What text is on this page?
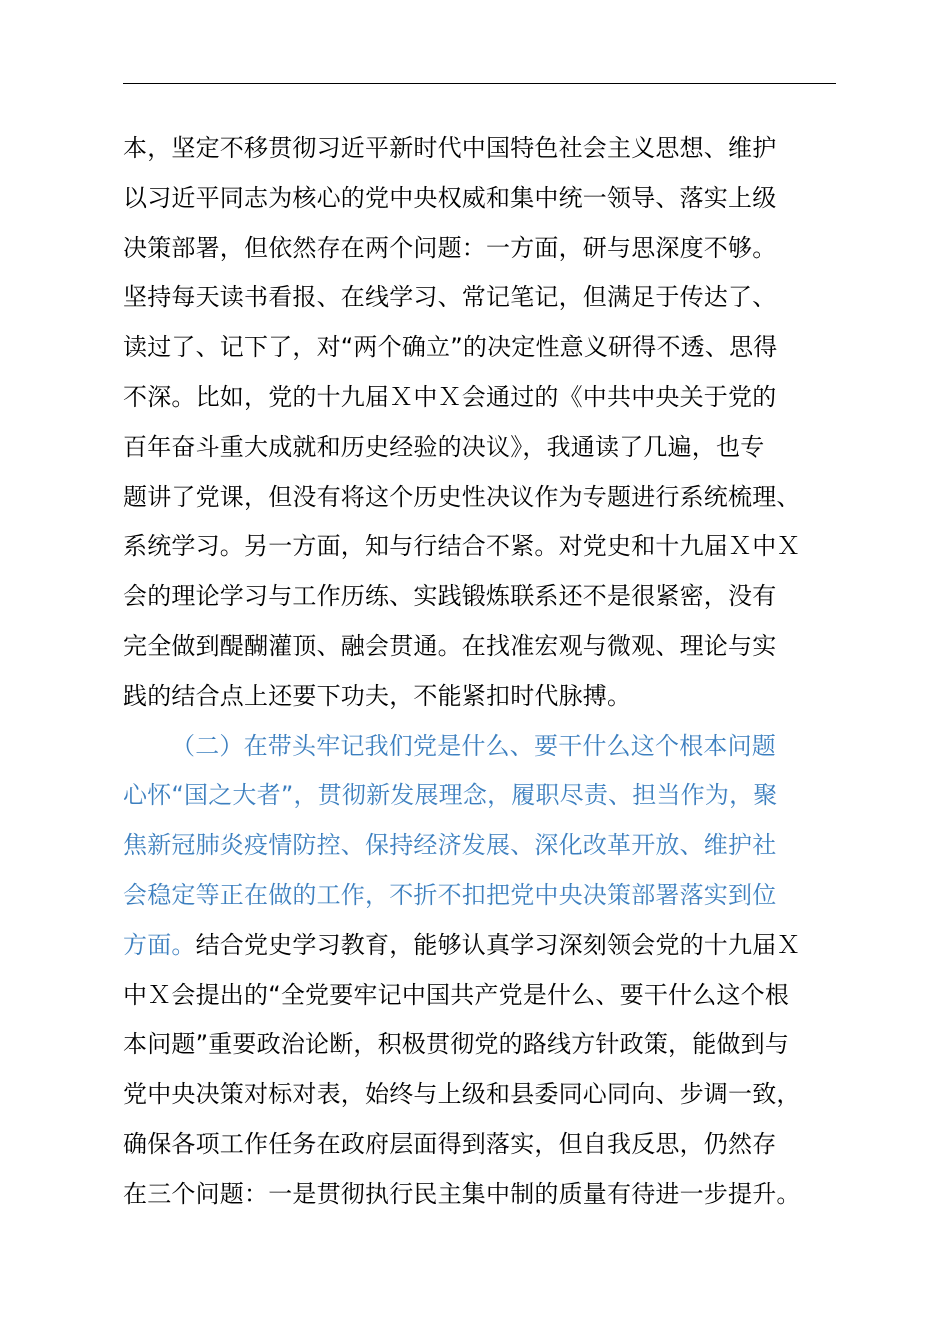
本，坚定不移贯彻习近平新时代中国特色社会主义思想、维护
以习近平同志为核心的党中央权威和集中统一领导、落实上级
决策部署，但依然存在两个问题：一方面，研与思深度不够。
坚持每天读书看报、在线学习、常记笔记，但满足于传达了、
读过了、记下了，对“两个确立”的决定性意义研得不透、思得
不深。比如，党的十九届Ｘ中Ｘ会通过的《中共中央关于党的
百年奋斗重大成就和历史经验的决议》，我通读了几遍，也专
题讲了党课，但没有将这个历史性决议作为专题进行系统梳理、
系统学习。另一方面，知与行结合不紧。对党史和十九届Ｘ中Ｘ
会的理论学习与工作历练、实践锻炼联系还不是很紧密，没有
完全做到醍醐灌顶、融会贯通。在找准宏观与微观、理论与实
践的结合点上还要下功夫，不能紧扣时代脉搏。
（二）在带头牢记我们党是什么、要干什么这个根本问题
心怀“国之大者”，贯彻新发展理念，履职尽责、担当作为，聚
焦新冠肺炎疫情防控、保持经济发展、深化改革开放、维护社
会稳定等正在做的工作，不折不扣把党中央决策部署落实到位
方面。结合党史学习教育，能够认真学习深刻领会党的十九届Ｘ
中Ｘ会提出的“全党要牢记中国共产党是什么、要干什么这个根
本问题”重要政治论断，积极贯彻党的路线方针政策，能做到与
党中央决策对标对表，始终与上级和县委同心同向、步调一致，
确保各项工作任务在政府层面得到落实，但自我反思，仍然存
在三个问题：一是贯彻执行民主集中制的质量有待进一步提升。
